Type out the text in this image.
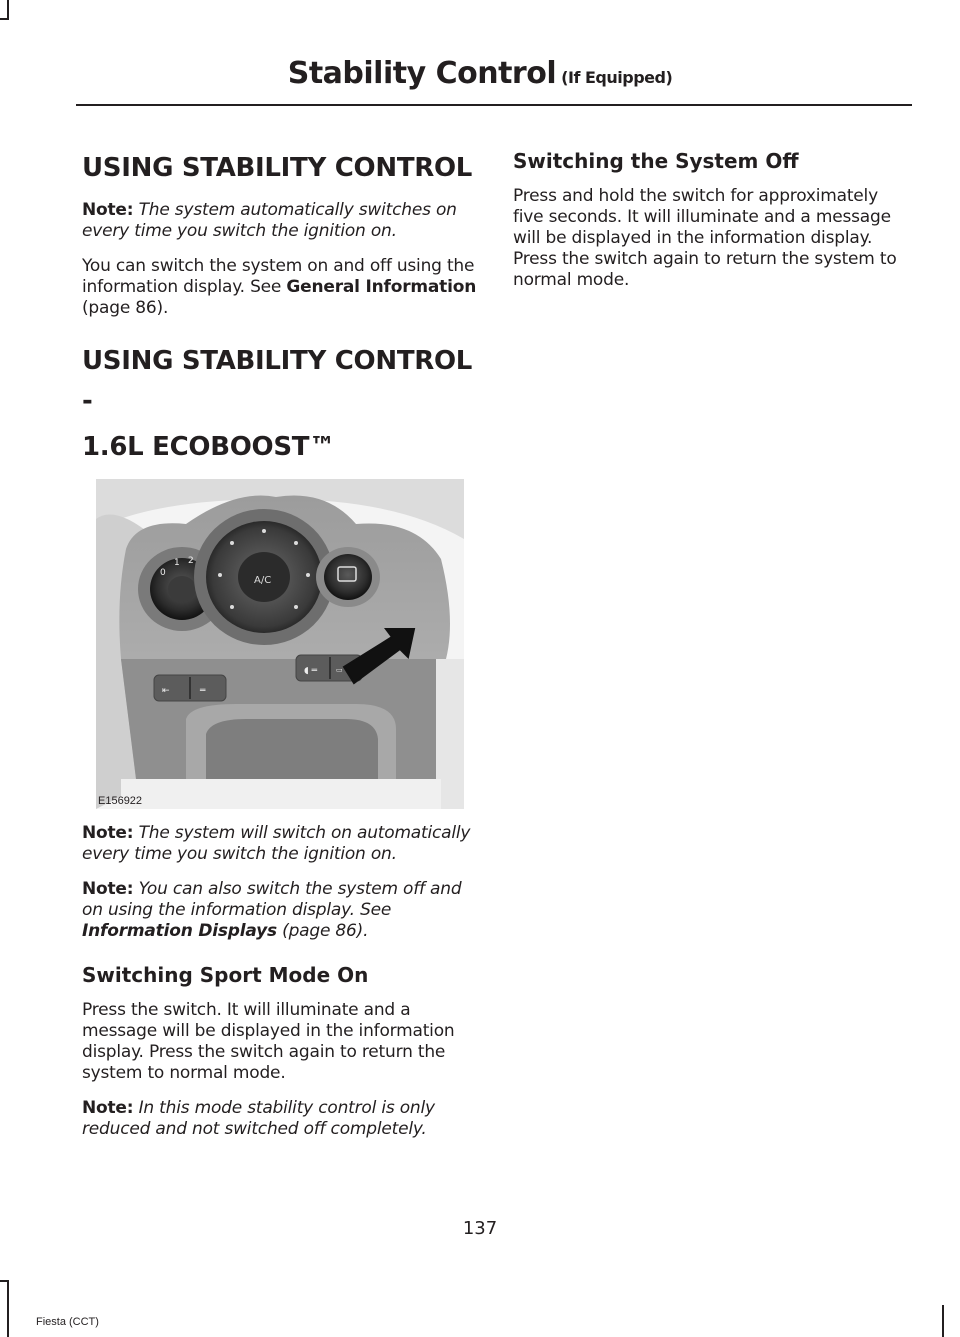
Stability Control (If Equipped)
USING STABILITY CONTROL

Note: The system automatically switches on every time you switch the ignition on.

You can switch the system on and off using the information display. See General Information (page 86).

USING STABILITY CONTROL -
1.6L ECOBOOST™
0
1 2
A/C
⇤	═
◖ ═	▭
E156922

Note: The system will switch on automatically every time you switch the ignition on.

Note: You can also switch the system off and on using the information display. See Information Displays (page 86).

Switching Sport Mode On

Press the switch. It will illuminate and a message will be displayed in the information display. Press the switch again to return the system to normal mode.

Note: In this mode stability control is only reduced and not switched off completely.

Switching the System Off

Press and hold the switch for approximately five seconds. It will illuminate and a message will be displayed in the information display. Press the switch again to return the system to normal mode.

137
Fiesta (CCT)
